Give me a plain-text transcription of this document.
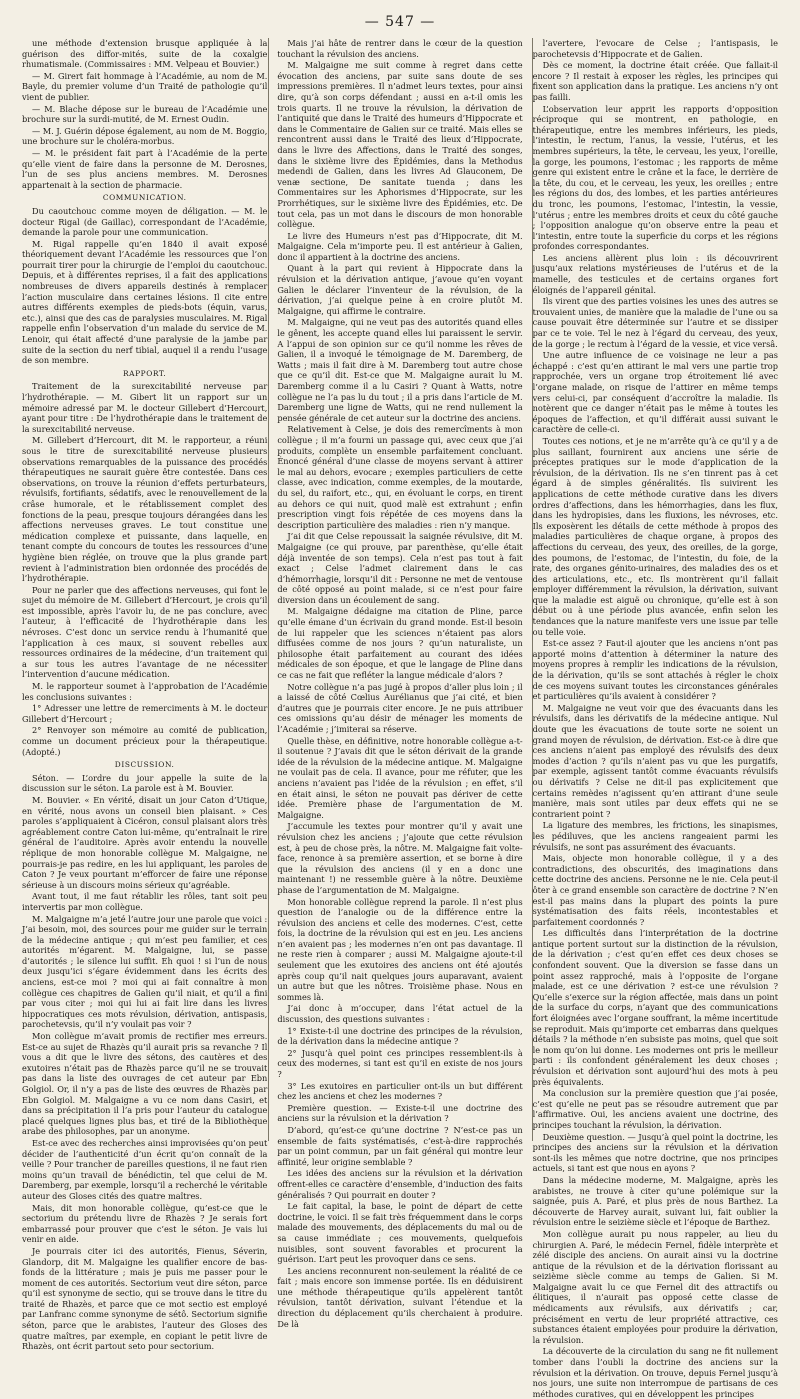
— 547 —

une méthode d’extension brusque appliquée à la guérison des diffor-mités, suite de la coxalgie rhumatismale. (Commissaires : MM. Velpeau et Bouvier.)

— M. Girert fait hommage à l’Académie, au nom de M. Bayle, du premier volume d’un Traité de pathologie qu’il vient de publier.

— M. Blache dépose sur le bureau de l’Académie une brochure sur la surdi-mutité, de M. Ernest Oudin.

— M. J. Guérin dépose également, au nom de M. Boggio, une brochure sur le choléra-morbus.

— M. le président fait part à l’Académie de la perte qu’elle vient de faire dans la personne de M. Derosnes, l’un de ses plus anciens membres. M. Derosnes appartenait à la section de pharmacie.

COMMUNICATION.

Du caoutchouc comme moyen de déligation. — M. le docteur Rigal (de Gaillac), correspondant de l’Académie, demande la parole pour une communication.

M. Rigal rappelle qu’en 1840 il avait exposé théoriquement devant l’Académie les ressources que l’on pourrait tirer pour la chirurgie de l’emploi du caoutchouc. Depuis, et à différentes reprises, il a fait des applications nombreuses de divers appareils destinés à remplacer l’action musculaire dans certaines lésions. Il cite entre autres différents exemples de pieds-bots (équin, varus, etc.), ainsi que des cas de paralysies musculaires. M. Rigal rappelle enfin l’observation d’un malade du service de M. Lenoir, qui était affecté d’une paralysie de la jambe par suite de la section du nerf tibial, auquel il a rendu l’usage de son membre.

RAPPORT.

Traitement de la surexcitabilité nerveuse par l’hydrothérapie. — M. Gibert lit un rapport sur un mémoire adressé par M. le docteur Gillebert d’Hercourt, ayant pour titre : De l’hydrothérapie dans le traitement de la surexcitabilité nerveuse.

M. Gillebert d’Hercourt, dit M. le rapporteur, a réuni sous le titre de surexcitabilité nerveuse plusieurs observations remarquables de la puissance des procédés thérapeutiques ne saurait guère être contestée. Dans ces observations, on trouve la réunion d’effets perturbateurs, révulsifs, fortifiants, sédatifs, avec le renouvellement de la crâse humorale, et le rétablissement complet des fonctions de la peau, presque toujours dérangées dans les affections nerveuses graves. Le tout constitue une médication complexe et puissante, dans laquelle, en tenant compte du concours de toutes les ressources d’une hygiène bien réglée, on trouve que la plus grande part revient à l’administration bien ordonnée des procédés de l’hydrothérapie.

Pour ne parler que des affections nerveuses, qui font le sujet du mémoire de M. Gillebert d’Hercourt, je crois qu’il est impossible, après l’avoir lu, de ne pas conclure, avec l’auteur, à l’efficacité de l’hydrothérapie dans les névroses. C’est donc un service rendu à l’humanité que l’application à ces maux, si souvent rebelles aux ressources ordinaires de la médecine, d’un traitement qui a sur tous les autres l’avantage de ne nécessiter l’intervention d’aucune médication.

M. le rapporteur soumet à l’approbation de l’Académie les conclusions suivantes :

1° Adresser une lettre de remerciments à M. le docteur Gillebert d’Hercourt ;

2° Renvoyer son mémoire au comité de publication, comme un document précieux pour la thérapeutique. (Adopté.)

DISCUSSION.

Séton. — L’ordre du jour appelle la suite de la discussion sur le séton. La parole est à M. Bouvier.

M. Bouvier. « En vérité, disait un jour Caton d’Utique, en vérité, nous avons un conseil bien plaisant. » Ces paroles s’appliquaient à Cicéron, consul plaisant alors très agréablement contre Caton lui-même, qu’entraînait le rire général de l’auditoire. Après avoir entendu la nouvelle réplique de mon honorable collègue M. Malgaigne, ne pourrais-je pas redire, en les lui appliquant, les paroles de Caton ? Je veux pourtant m’efforcer de faire une réponse sérieuse à un discours moins sérieux qu’agréable.

Avant tout, il me faut rétablir les rôles, tant soit peu intervertis par mon collègue.

M. Malgaigne m’a jeté l’autre jour une parole que voici : J’ai besoin, moi, des sources pour me guider sur le terrain de la médecine antique ; qui m’est peu familier, et ces autorités m’égarent. M. Malgaigne, lui, se passe d’autorités ; le silence lui suffit. Eh quoi ! si l’un de nous deux jusqu’ici s’égare évidemment dans les écrits des anciens, est-ce moi ? moi qui ai fait connaître à mon collègue ces chapitres de Galien qu’il niait, et qu’il a fini par vous citer ; moi qui lui ai fait lire dans les livres hippocratiques ces mots révulsion, dérivation, antispasis, parochetevsis, qu’il n’y voulait pas voir ?

Mon collègue m’avait promis de rectifier mes erreurs. Est-ce au sujet de Rhazès qu’il aurait pris sa revanche ? Il vous a dit que le livre des sétons, des cautères et des exutoires n’était pas de Rhazès parce qu’il ne se trouvait pas dans la liste des ouvrages de cet auteur par Ebn Golgiol. Or, il n’y a pas de liste des œuvres de Rhazès par Ebn Golgiol. M. Malgaigne a vu ce nom dans Casiri, et dans sa précipitation il l’a pris pour l’auteur du catalogue placé quelques lignes plus bas, et tiré de la Bibliothèque arabe des philosophes, par un anonyme.

Est-ce avec des recherches ainsi improvisées qu’on peut décider de l’authenticité d’un écrit qu’on connaît de la veille ? Pour trancher de pareilles questions, il ne faut rien moins qu’un travail de bénédictin, tel que celui de M. Daremberg, par exemple, lorsqu’il a recherché le véritable auteur des Gloses cités des quatre maîtres.

Mais, dit mon honorable collègue, qu’est-ce que le sectorium du prétendu livre de Rhazès ? Je serais fort embarrassé pour prouver que c’est le séton. Je vais lui venir en aide.

Je pourrais citer ici des autorités, Fienus, Séverin, Glandorp, dit M. Malgaigne les qualifier encore de bas-fonds de la littérature ; mais je puis me passer pour le moment de ces autorités. Sectorium veut dire séton, parce qu’il est synonyme de sectio, qui se trouve dans le titre du traité de Rhazès, et parce que ce mot sectio est employé par Lanfranc comme synonyme de sétô. Sectorium signifie séton, parce que le arabistes, l’auteur des Gloses des quatre maîtres, par exemple, en copiant le petit livre de Rhazès, ont écrit partout seto pour sectorium.

Mais j’ai hâte de rentrer dans le cœur de la question touchant la révulsion des anciens.

M. Malgaigne me suit comme à regret dans cette évocation des anciens, par suite sans doute de ses impressions premières. Il n’admet leurs textes, pour ainsi dire, qu’à son corps défendant ; aussi en a-t-il omis les trois quarts. Il ne trouve la révulsion, la dérivation de l’antiquité que dans le Traité des humeurs d’Hippocrate et dans le Commentaire de Galien sur ce traité. Mais elles se rencontrent aussi dans le Traité des lieux d’Hippocrate, dans le livre des Affections, dans le Traité des songes, dans le sixième livre des Épidémies, dans la Methodus medendi de Galien, dans les livres Ad Glauconem, De venæ sectione, De sanitate tuenda ; dans les Commentaires sur les Aphorismes d’Hippocrate, sur les Prorrhétiques, sur le sixième livre des Épidémies, etc. De tout cela, pas un mot dans le discours de mon honorable collègue.

Le livre des Humeurs n’est pas d’Hippocrate, dit M. Malgaigne. Cela m’importe peu. Il est antérieur à Galien, donc il appartient à la doctrine des anciens.

Quant à la part qui revient à Hippocrate dans la révulsion et la dérivation antique, j’avoue qu’en voyant Galien le déclarer l’inventeur de la révulsion, de la dérivation, j’ai quelque peine à en croire plutôt M. Malgaigne, qui affirme le contraire.

M. Malgaigne, qui ne veut pas des autorités quand elles le gênent, les accepte quand elles lui paraissent le servir. A l’appui de son opinion sur ce qu’il nomme les rêves de Galien, il a invoqué le témoignage de M. Daremberg, de Watts ; mais il fait dire à M. Daremberg tout autre chose que ce qu’il dit. Est-ce que M. Malgaigne aurait lu M. Daremberg comme il a lu Casiri ? Quant à Watts, notre collègue ne l’a pas lu du tout ; il a pris dans l’article de M. Daremberg une ligne de Watts, qui ne rend nullement la pensée générale de cet auteur sur la doctrine des anciens.

Relativement à Celse, je dois des remercîments à mon collègue ; il m’a fourni un passage qui, avec ceux que j’ai produits, complète un ensemble parfaitement concluant. Énoncé général d’une classe de moyens servant à attirer le mal au dehors, evocare ; exemples particuliers de cette classe, avec indication, comme exemples, de la moutarde, du sel, du raifort, etc., qui, en évoluant le corps, en tirent au dehors ce qui nuit, quod malè est extrahunt ; enfin prescription vingt fois répétée de ces moyens dans la description particulière des maladies : rien n’y manque.

J’ai dit que Celse repoussait la saignée révulsive, dit M. Malgaigne (ce qui prouve, par parenthèse, qu’elle était déjà inventée de son temps). Cela n’est pas tout à fait exact ; Celse l’admet clairement dans le cas d’hémorrhagie, lorsqu’il dit : Personne ne met de ventouse de côté opposé au point malade, si ce n’est pour faire diversion dans un écoulement de sang.

M. Malgaigne dédaigne ma citation de Pline, parce qu’elle émane d’un écrivain du grand monde. Est-il besoin de lui rappeler que les sciences n’étaient pas alors diffusées comme de nos jours ? qu’un naturaliste, un philosophe était parfaitement au courant des idées médicales de son époque, et que le langage de Pline dans ce cas ne fait que refléter la langue médicale d’alors ?

Notre collègue n’a pas jugé à propos d’aller plus loin ; il a laissé de côté Cœlius Aurélianus que j’ai cité, et bien d’autres que je pourrais citer encore. Je ne puis attribuer ces omissions qu’au désir de ménager les moments de l’Académie ; j’imiterai sa réserve.

Quelle thèse, en définitive, notre honorable collègue a-t-il soutenue ? J’avais dit que le séton dérivait de la grande idée de la révulsion de la médecine antique. M. Malgaigne ne voulait pas de cela. Il avance, pour me réfuter, que les anciens n’avaient pas l’idée de la révulsion ; en effet, s’il en était ainsi, le séton ne pouvait pas dériver de cette idée. Première phase de l’argumentation de M. Malgaigne.

J’accumule les textes pour montrer qu’il y avait une révulsion chez les anciens ; j’ajoute que cette révulsion est, à peu de chose près, la nôtre. M. Malgaigne fait volte-face, renonce à sa première assertion, et se borne à dire que la révulsion des anciens (il y en a donc une maintenant !) ne ressemble guère à la nôtre. Deuxième phase de l’argumentation de M. Malgaigne.

Mon honorable collègue reprend la parole. Il n’est plus question de l’analogie ou de la différence entre la révulsion des anciens et celle des modernes. C’est, cette fois, la doctrine de la révulsion qui est en jeu. Les anciens n’en avaient pas ; les modernes n’en ont pas davantage. Il ne reste rien à comparer ; aussi M. Malgaigne ajoute-t-il seulement que les exutoires des anciens ont été ajoutés après coup qu’il nait quelques jours auparavant, avaient un autre but que les nôtres. Troisième phase. Nous en sommes là.

J’ai donc à m’occuper, dans l’état actuel de la discussion, des questions suivantes :

1° Existe-t-il une doctrine des principes de la révulsion, de la dérivation dans la médecine antique ?

2° Jusqu’à quel point ces principes ressemblent-ils à ceux des modernes, si tant est qu’il en existe de nos jours ?

3° Les exutoires en particulier ont-ils un but différent chez les anciens et chez les modernes ?

Première question. — Existe-t-il une doctrine des anciens sur la révulsion et la dérivation ?

D’abord, qu’est-ce qu’une doctrine ? N’est-ce pas un ensemble de faits systématisés, c’est-à-dire rapprochés par un point commun, par un fait général qui montre leur affinité, leur origine semblable ?

Les idées des anciens sur la révulsion et la dérivation offrent-elles ce caractère d’ensemble, d’induction des faits généralisés ? Qui pourrait en douter ?

Le fait capital, la base, le point de départ de cette doctrine, le voici. Il se fait très fréquemment dans le corps malade des mouvements, des déplacements du mal ou de sa cause immédiate ; ces mouvements, quelquefois nuisibles, sont souvent favorables et procurent la guérison. L’art peut les provoquer dans ce sens.

Les anciens reconnurent non-seulement la réalité de ce fait ; mais encore son immense portée. Ils en déduisirent une méthode thérapeutique qu’ils appelèrent tantôt révulsion, tantôt dérivation, suivant l’étendue et la direction du déplacement qu’ils cherchaient à produire. De là

l’avertere, l’evocare de Celse ; l’antispasis, le parochetevsis d’Hippocrate et de Galien.

Dès ce moment, la doctrine était créée. Que fallait-il encore ? Il restait à exposer les règles, les principes qui fixent son application dans la pratique. Les anciens n’y ont pas failli.

L’observation leur apprit les rapports d’opposition réciproque qui se montrent, en pathologie, en thérapeutique, entre les membres inférieurs, les pieds, l’intestin, le rectum, l’anus, la vessie, l’utérus, et les membres supérieurs, la tête, le cerveau, les yeux, l’oreille, la gorge, les poumons, l’estomac ; les rapports de même genre qui existent entre le crâne et la face, le derrière de la tête, du cou, et le cerveau, les yeux, les oreilles ; entre les régions du dos, des lombes, et les parties antérieures du tronc, les poumons, l’estomac, l’intestin, la vessie, l’utérus ; entre les membres droits et ceux du côté gauche ; l’opposition analogue qu’on observe entre la peau et l’intestin, entre toute la superficie du corps et les régions profondes correspondantes.

Les anciens allèrent plus loin : ils découvrirent jusqu’aux relations mystérieuses de l’utérus et de la mamelle, des testicules et de certains organes fort éloignés de l’appareil génital.

Ils virent que des parties voisines les unes des autres se trouvaient unies, de manière que la maladie de l’une ou sa cause pouvait être déterminée sur l’autre et se dissiper par ce te voie. Tel le nez à l’égard du cerveau, des yeux, de la gorge ; le rectum à l’égard de la vessie, et vice versâ.

Une autre influence de ce voisinage ne leur a pas échappé : c’est qu’en attirant le mal vers une partie trop rapprochée, vers un organe trop étroitement lié avec l’organe malade, on risque de l’attirer en même temps vers celui-ci, par conséquent d’accroître la maladie. Ils notèrent que ce danger n’était pas le même à toutes les époques de l’affection, et qu’il différait aussi suivant le caractère de celle-ci.

Toutes ces notions, et je ne m’arrête qu’à ce qu’il y a de plus saillant, fournirent aux anciens une série de préceptes pratiques sur le mode d’application de la révulsion, de la dérivation. Ils ne s’en tinrent pas à cet égard à de simples généralités. Ils suivirent les applications de cette méthode curative dans les divers ordres d’affections, dans les hémorrhagies, dans les flux, dans les hydropisies, dans les fluxions, les névroses, etc. Ils exposèrent les détails de cette méthode à propos des maladies particulières de chaque organe, à propos des affections du cerveau, des yeux, des oreilles, de la gorge, des poumons, de l’estomac, de l’intestin, du foie, de la rate, des organes génito-urinaires, des maladies des os et des articulations, etc., etc. Ils montrèrent qu’il fallait employer différemment la révulsion, la dérivation, suivant que la maladie est aiguë ou chronique, qu’elle est à son début ou à une période plus avancée, enfin selon les tendances que la nature manifeste vers une issue par telle ou telle voie.

Est-ce assez ? Faut-il ajouter que les anciens n’ont pas apporté moins d’attention à déterminer la nature des moyens propres à remplir les indications de la révulsion, de la dérivation, qu’ils se sont attachés à régler le choix de ces moyens suivant toutes les circonstances générales et particulières qu’ils avaient à considérer ?

M. Malgaigne ne veut voir que des évacuants dans les révulsifs, dans les dérivatifs de la médecine antique. Nul doute que les évacuations de toute sorte ne soient un grand moyen de révulsion, de dérivation. Est-ce à dire que ces anciens n’aient pas employé des révulsifs des deux modes d’action ? qu’ils n’aient pas vu que les purgatifs, par exemple, agissent tantôt comme évacuants révulsifs ou dérivatifs ? Celse ne dit-il pas explicitement que certains remèdes n’agissent qu’en attirant d’une seule manière, mais sont utiles par deux effets qui ne se contrarient point ?

La ligature des membres, les frictions, les sinapismes, les pédiluves, que les anciens rangeaient parmi les révulsifs, ne sont pas assurément des évacuants.

Mais, objecte mon honorable collègue, il y a des contradictions, des obscurités, des imaginations dans cette doctrine des anciens. Personne ne le nie. Cela peut-il ôter à ce grand ensemble son caractère de doctrine ? N’en est-il pas mains dans la plupart des points la pure systématisation des faits réels, incontestables et parfaitement coordonnés ?

Les difficultés dans l’interprétation de la doctrine antique portent surtout sur la distinction de la révulsion, de la dérivation ; c’est qu’en effet ces deux choses se confondent souvent. Que la diversion se fasse dans un point assez rapproché, mais à l’opposite de l’organe malade, est ce une dérivation ? est-ce une révulsion ? Qu’elle s’exerce sur la région affectée, mais dans un point de la surface du corps, n’ayant que des communications fort éloignées avec l’organe souffrant, la même incertitude se reproduit. Mais qu’importe cet embarras dans quelques détails ? la méthode n’en subsiste pas moins, quel que soit le nom qu’on lui donne. Les modernes ont pris le meilleur parti : ils confondent généralement les deux choses ; révulsion et dérivation sont aujourd’hui des mots à peu près équivalents.

Ma conclusion sur la première question que j’ai posée, c’est qu’elle ne peut pas se résoudre autrement que par l’affirmative. Oui, les anciens avaient une doctrine, des principes touchant la révulsion, la dérivation.

Deuxième question. — Jusqu’à quel point la doctrine, les principes des anciens sur la révulsion et la dérivation sont-ils les mêmes que notre doctrine, que nos principes actuels, si tant est que nous en ayons ?

Dans la médecine moderne, M. Malgaigne, après les arabistes, ne trouve à citer qu’une polémique sur la saignée, puis A. Paré, et plus près de nous Barthez. La découverte de Harvey aurait, suivant lui, fait oublier la révulsion entre le seizième siècle et l’époque de Barthez.

Mon collègue aurait pu nous rappeler, au lieu du chirurgien A. Paré, le médecin Fernel, fidèle interprète et zélé disciple des anciens. On aurait ainsi vu la doctrine antique de la révulsion et de la dérivation florissant au seizième siècle comme au temps de Galien. Si M. Malgaigne avait lu ce que Fernel dit des attractifs ou élitiques, il n’aurait pas opposé cette classe de médicaments aux révulsifs, aux dérivatifs ; car, précisément en vertu de leur propriété attractive, ces substances étaient employées pour produire la dérivation, la révulsion.

La découverte de la circulation du sang ne fit nullement tomber dans l’oubli la doctrine des anciens sur la révulsion et la dérivation. On trouve, depuis Fernel jusqu’à nos jours, une suite non interrompue de partisans de ces méthodes curatives, qui en développent les principes
